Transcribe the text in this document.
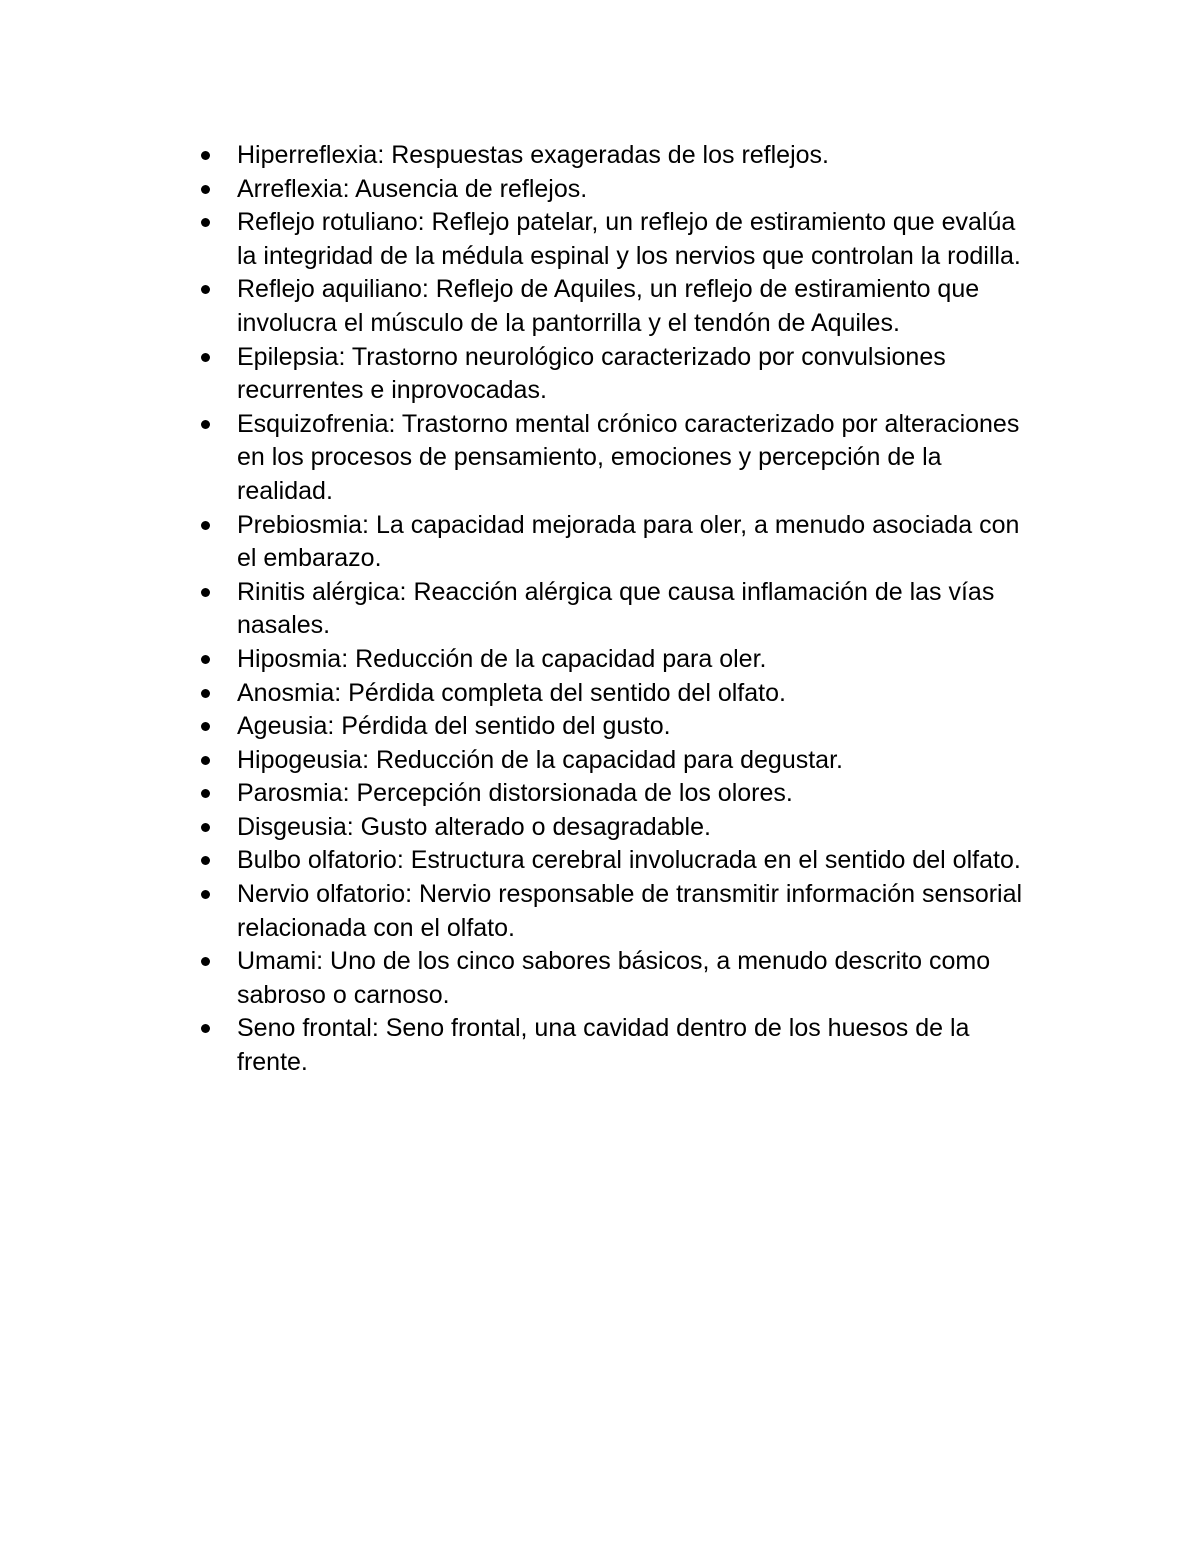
Hiperreflexia: Respuestas exageradas de los reflejos.
Arreflexia: Ausencia de reflejos.
Reflejo rotuliano: Reflejo patelar, un reflejo de estiramiento que evalúa la integridad de la médula espinal y los nervios que controlan la rodilla.
Reflejo aquiliano: Reflejo de Aquiles, un reflejo de estiramiento que involucra el músculo de la pantorrilla y el tendón de Aquiles.
Epilepsia: Trastorno neurológico caracterizado por convulsiones recurrentes e inprovocadas.
Esquizofrenia: Trastorno mental crónico caracterizado por alteraciones en los procesos de pensamiento, emociones y percepción de la realidad.
Prebiosmia: La capacidad mejorada para oler, a menudo asociada con el embarazo.
Rinitis alérgica: Reacción alérgica que causa inflamación de las vías nasales.
Hiposmia: Reducción de la capacidad para oler.
Anosmia: Pérdida completa del sentido del olfato.
Ageusia: Pérdida del sentido del gusto.
Hipogeusia: Reducción de la capacidad para degustar.
Parosmia: Percepción distorsionada de los olores.
Disgeusia: Gusto alterado o desagradable.
Bulbo olfatorio: Estructura cerebral involucrada en el sentido del olfato.
Nervio olfatorio: Nervio responsable de transmitir información sensorial relacionada con el olfato.
Umami: Uno de los cinco sabores básicos, a menudo descrito como sabroso o carnoso.
Seno frontal: Seno frontal, una cavidad dentro de los huesos de la frente.
